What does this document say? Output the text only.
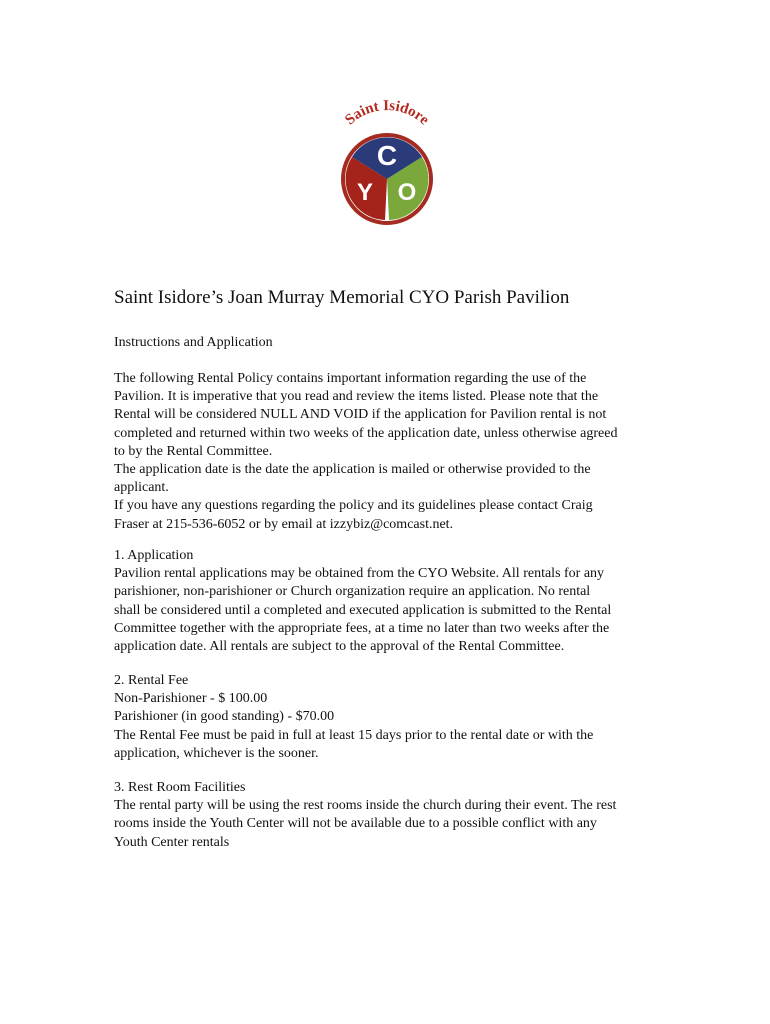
Saint Isidore
C
Y O
Saint Isidore’s Joan Murray Memorial CYO Parish Pavilion

Instructions and Application

The following Rental Policy contains important information regarding the use of the
Pavilion. It is imperative that you read and review the items listed. Please note that the
Rental will be considered NULL AND VOID if the application for Pavilion rental is not
completed and returned within two weeks of the application date, unless otherwise agreed
to by the Rental Committee.
The application date is the date the application is mailed or otherwise provided to the
applicant.
If you have any questions regarding the policy and its guidelines please contact Craig
Fraser at 215-536-6052 or by email at izzybiz@comcast.net.

1. Application
Pavilion rental applications may be obtained from the CYO Website. All rentals for any
parishioner, non-parishioner or Church organization require an application. No rental
shall be considered until a completed and executed application is submitted to the Rental
Committee together with the appropriate fees, at a time no later than two weeks after the
application date. All rentals are subject to the approval of the Rental Committee.

2. Rental Fee
Non-Parishioner - $ 100.00
Parishioner (in good standing) - $70.00
The Rental Fee must be paid in full at least 15 days prior to the rental date or with the
application, whichever is the sooner.

3. Rest Room Facilities
The rental party will be using the rest rooms inside the church during their event. The rest
rooms inside the Youth Center will not be available due to a possible conflict with any
Youth Center rentals
